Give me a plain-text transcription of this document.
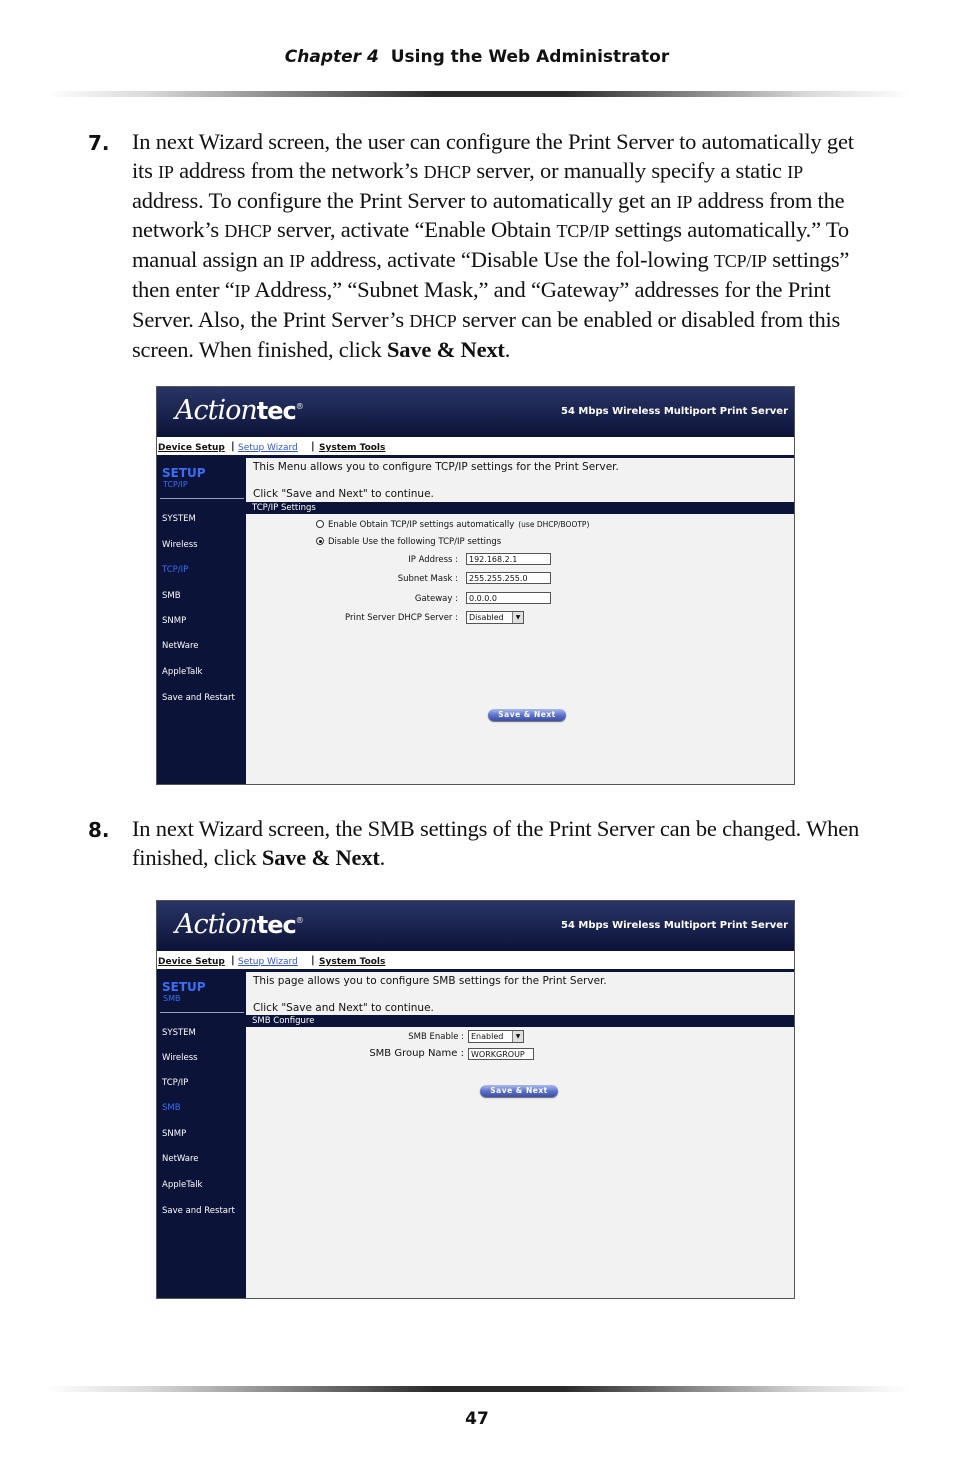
Chapter 4 Using the Web Administrator
7. In next Wizard screen, the user can configure the Print Server to automatically get its IP address from the network’s DHCP server, or manually specify a static IP address. To configure the Print Server to automatically get an IP address from the network’s DHCP server, activate “Enable Obtain TCP/IP settings automatically.” To manual assign an IP address, activate “Disable Use the fol-lowing TCP/IP settings” then enter “IP Address,” “Subnet Mask,” and “Gateway” addresses for the Print Server. Also, the Print Server’s DHCP server can be enabled or disabled from this screen. When finished, click Save & Next.
Actiontec®	54 Mbps Wireless Multiport Print Server
Device Setup | Setup Wizard | System Tools
SETUP
TCP/IP
SYSTEM
Wireless
TCP/IP
SMB
SNMP
NetWare
AppleTalk
Save and Restart
This Menu allows you to configure TCP/IP settings for the Print Server.
Click "Save and Next" to continue.
TCP/IP Settings
Enable Obtain TCP/IP settings automatically (use DHCP/BOOTP)
Disable Use the following TCP/IP settings
IP Address :	192.168.2.1
Subnet Mask :	255.255.255.0
Gateway :	0.0.0.0
Print Server DHCP Server :	Disabled	▼
Save & Next
8. In next Wizard screen, the SMB settings of the Print Server can be changed. When finished, click Save & Next.
Actiontec®	54 Mbps Wireless Multiport Print Server
Device Setup | Setup Wizard | System Tools
SETUP
SMB
SYSTEM
Wireless
TCP/IP
SMB
SNMP
NetWare
AppleTalk
Save and Restart
This page allows you to configure SMB settings for the Print Server.
Click "Save and Next" to continue.
SMB Configure
SMB Enable : Enabled	▼
SMB Group Name : WORKGROUP
Save & Next
47
